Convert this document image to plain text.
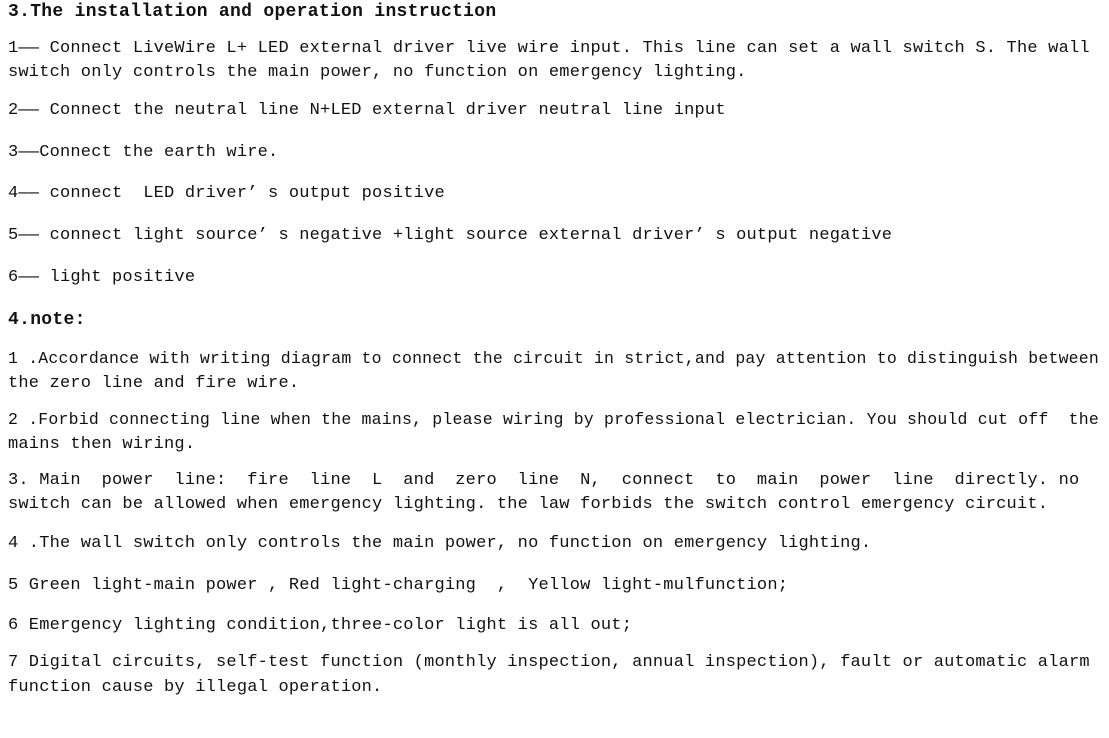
3.The installation and operation instruction
1—— Connect LiveWire L+ LED external driver live wire input. This line can set a wall switch S. The wall
switch only controls the main power, no function on emergency lighting.
2—— Connect the neutral line N+LED external driver neutral line input
3——Connect the earth wire.
4—— connect  LED driver’ s output positive
5—— connect light source’ s negative +light source external driver’ s output negative
6—— light positive
4.note:
1 .Accordance with writing diagram to connect the circuit in strict,and pay attention to distinguish between
the zero line and fire wire.
2 .Forbid connecting line when the mains, please wiring by professional electrician. You should cut off  the
mains then wiring.
3. Main  power  line:  fire  line  L  and  zero  line  N,  connect  to  main  power  line  directly. no
switch can be allowed when emergency lighting. the law forbids the switch control emergency circuit.
4 .The wall switch only controls the main power, no function on emergency lighting.
5 Green light-main power , Red light-charging  ,  Yellow light-mulfunction;
6 Emergency lighting condition,three-color light is all out;
7 Digital circuits, self-test function (monthly inspection, annual inspection), fault or automatic alarm
function cause by illegal operation.
